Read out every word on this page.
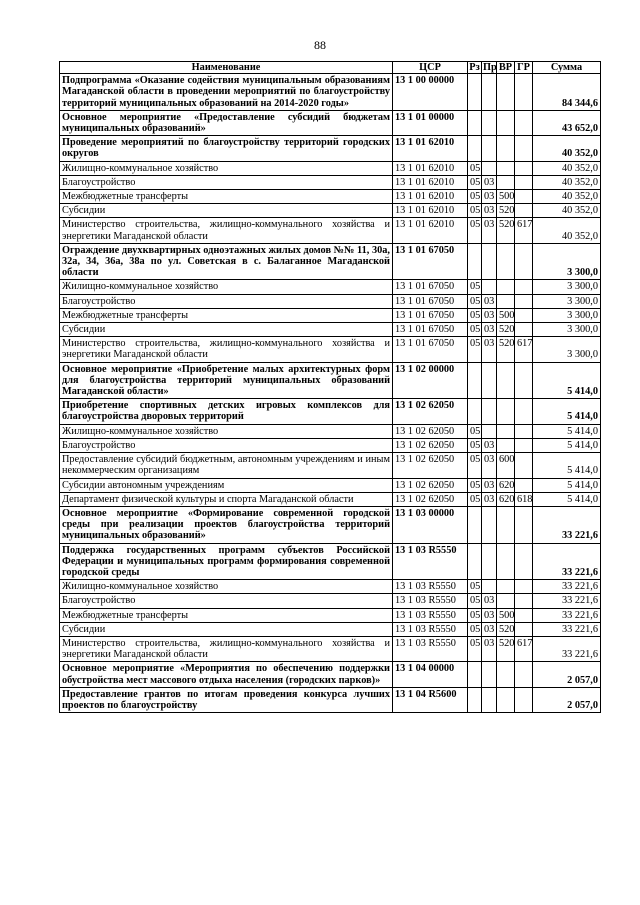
88
Наименование	ЦСР	Рз	Пр	ВР	ГР	Сумма
Подпрограмма «Оказание содействия муниципальным образованиям Магаданской области в проведении мероприятий по благоустройству территорий муниципальных образований на 2014-2020 годы»	13 1 00 00000					84 344,6
Основное мероприятие «Предоставление субсидий бюджетам муниципальных образований»	13 1 01 00000					43 652,0
Проведение мероприятий по благоустройству территорий городских округов	13 1 01 62010					40 352,0
Жилищно-коммунальное хозяйство	13 1 01 62010	05				40 352,0
Благоустройство	13 1 01 62010	05	03			40 352,0
Межбюджетные трансферты	13 1 01 62010	05	03	500		40 352,0
Субсидии	13 1 01 62010	05	03	520		40 352,0
Министерство строительства, жилищно-коммунального хозяйства и энергетики Магаданской области	13 1 01 62010	05	03	520	617	40 352,0
Ограждение двухквартирных одноэтажных жилых домов №№ 11, 30а, 32а, 34, 36а, 38а по ул. Советская в с. Балаганное Магаданской области	13 1 01 67050					3 300,0
Жилищно-коммунальное хозяйство	13 1 01 67050	05				3 300,0
Благоустройство	13 1 01 67050	05	03			3 300,0
Межбюджетные трансферты	13 1 01 67050	05	03	500		3 300,0
Субсидии	13 1 01 67050	05	03	520		3 300,0
Министерство строительства, жилищно-коммунального хозяйства и энергетики Магаданской области	13 1 01 67050	05	03	520	617	3 300,0
Основное мероприятие «Приобретение малых архитектурных форм для благоустройства территорий муниципальных образований Магаданской области»	13 1 02 00000					5 414,0
Приобретение спортивных детских игровых комплексов для благоустройства дворовых территорий	13 1 02 62050					5 414,0
Жилищно-коммунальное хозяйство	13 1 02 62050	05				5 414,0
Благоустройство	13 1 02 62050	05	03			5 414,0
Предоставление субсидий бюджетным, автономным учреждениям и иным некоммерческим организациям	13 1 02 62050	05	03	600		5 414,0
Субсидии автономным учреждениям	13 1 02 62050	05	03	620		5 414,0
Департамент физической культуры и спорта Магаданской области	13 1 02 62050	05	03	620	618	5 414,0
Основное мероприятие «Формирование современной городской среды при реализации проектов благоустройства территорий муниципальных образований»	13 1 03 00000					33 221,6
Поддержка государственных программ субъектов Российской Федерации и муниципальных программ формирования современной городской среды	13 1 03 R5550					33 221,6
Жилищно-коммунальное хозяйство	13 1 03 R5550	05				33 221,6
Благоустройство	13 1 03 R5550	05	03			33 221,6
Межбюджетные трансферты	13 1 03 R5550	05	03	500		33 221,6
Субсидии	13 1 03 R5550	05	03	520		33 221,6
Министерство строительства, жилищно-коммунального хозяйства и энергетики Магаданской области	13 1 03 R5550	05	03	520	617	33 221,6
Основное мероприятие «Мероприятия по обеспечению поддержки обустройства мест массового отдыха населения (городских парков)»	13 1 04 00000					2 057,0
Предоставление грантов по итогам проведения конкурса лучших проектов по благоустройству	13 1 04 R5600					2 057,0
